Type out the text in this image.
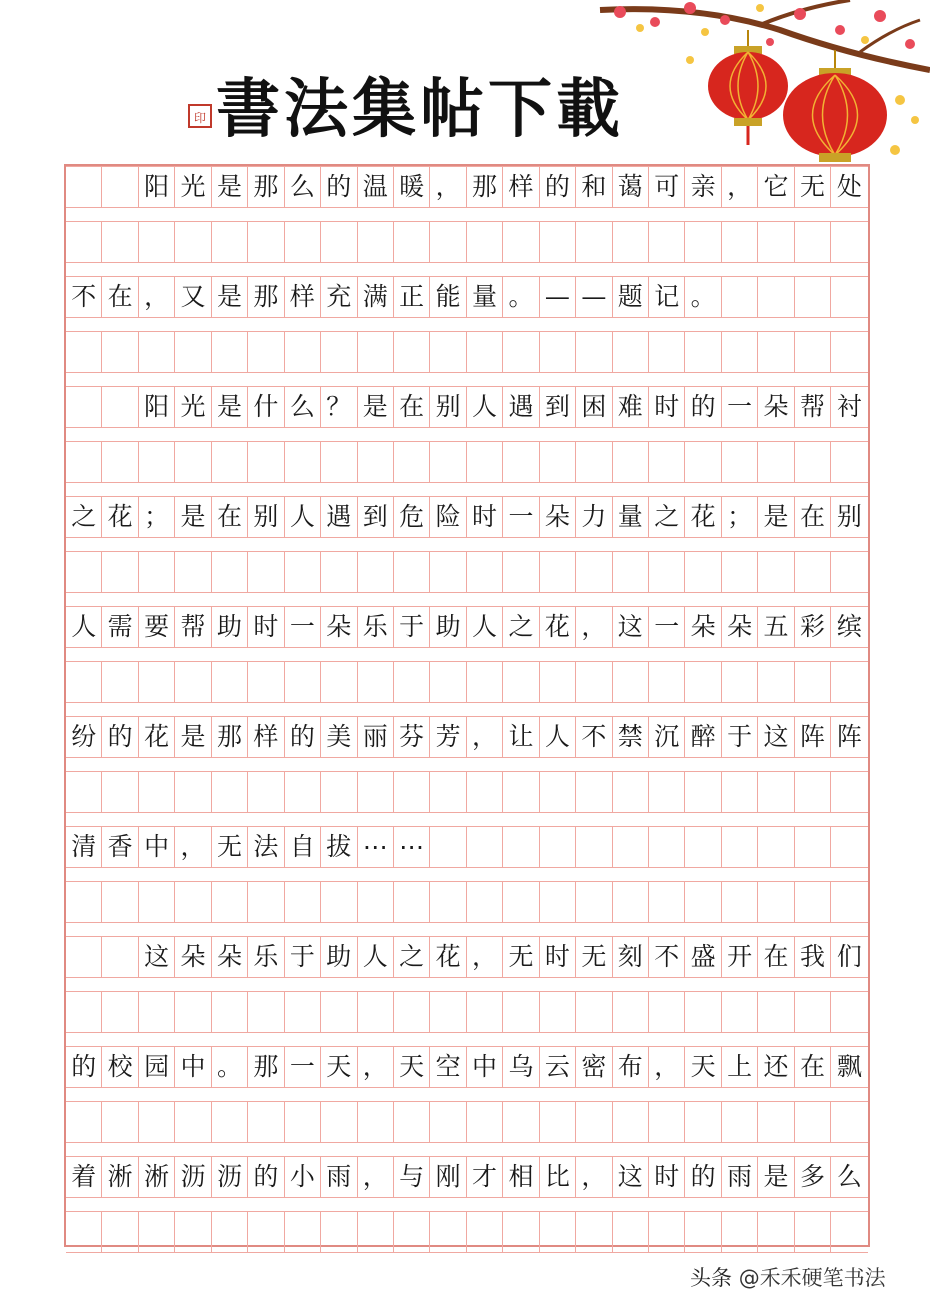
印 書法集帖下載
阳 光 是 那 么 的 温 暖 ， 那 样 的 和 蔼 可 亲 ， 它 无 处
不 在 ， 又 是 那 样 充 满 正 能 量 。 — — 题 记 。
阳 光 是 什 么 ？ 是 在 别 人 遇 到 困 难 时 的 一 朵 帮 衬
之 花 ； 是 在 别 人 遇 到 危 险 时 一 朵 力 量 之 花 ； 是 在 别
人 需 要 帮 助 时 一 朵 乐 于 助 人 之 花 ， 这 一 朵 朵 五 彩 缤
纷 的 花 是 那 样 的 美 丽 芬 芳 ， 让 人 不 禁 沉 醉 于 这 阵 阵
清 香 中 ， 无 法 自 拔 ⋯ ⋯
这 朵 朵 乐 于 助 人 之 花 ， 无 时 无 刻 不 盛 开 在 我 们
的 校 园 中 。 那 一 天 ， 天 空 中 乌 云 密 布 ， 天 上 还 在 飘
着 淅 淅 沥 沥 的 小 雨 ， 与 刚 才 相 比 ， 这 时 的 雨 是 多 么
头条 @禾禾硬笔书法
